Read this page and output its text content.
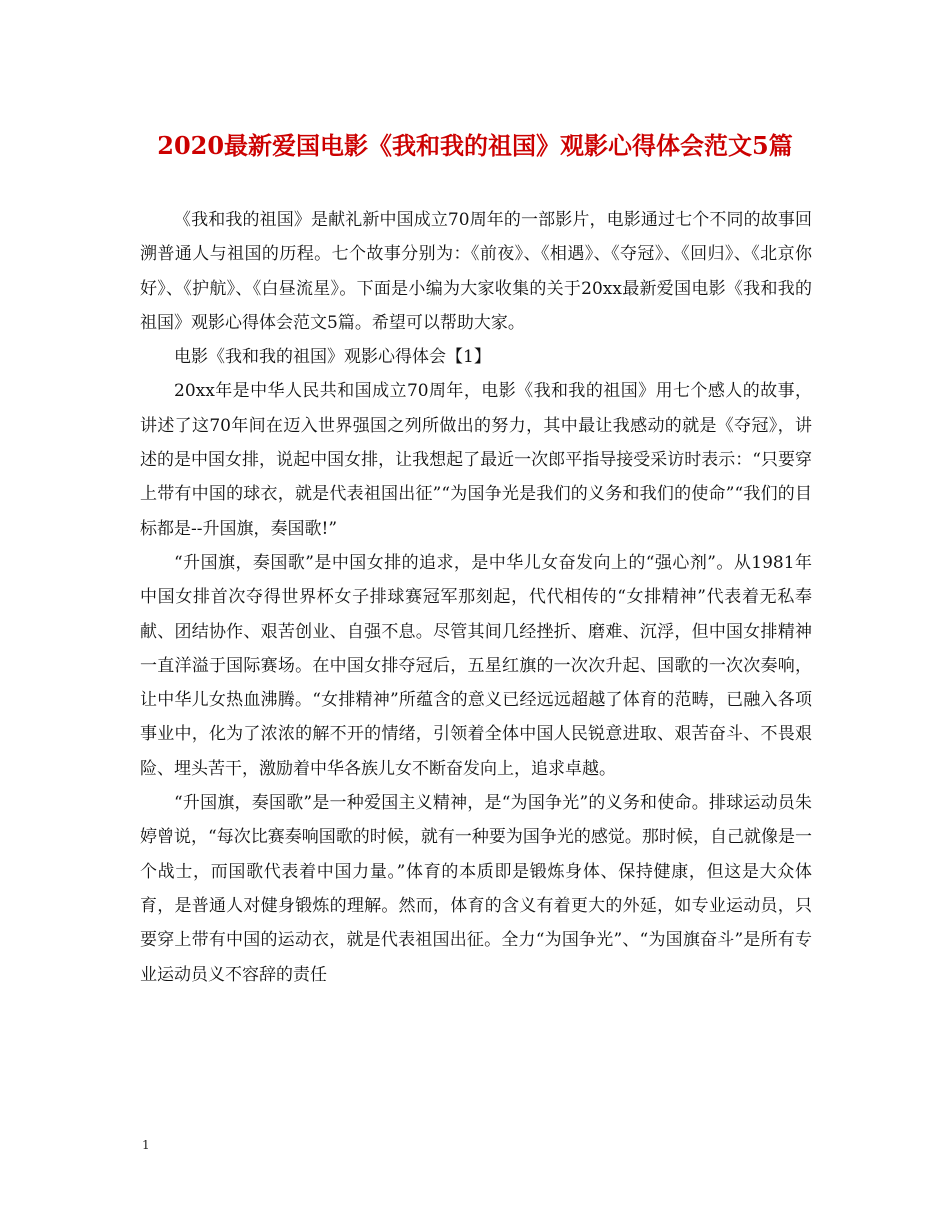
2020最新爱国电影《我和我的祖国》观影心得体会范文5篇

《我和我的祖国》是献礼新中国成立70周年的一部影片，电影通过七个不同的故事回溯普通人与祖国的历程。七个故事分别为：《前夜》、《相遇》、《夺冠》、《回归》、《北京你好》、《护航》、《白昼流星》。下面是小编为大家收集的关于20xx最新爱国电影《我和我的祖国》观影心得体会范文5篇。希望可以帮助大家。

电影《我和我的祖国》观影心得体会【1】

20xx年是中华人民共和国成立70周年，电影《我和我的祖国》用七个感人的故事，讲述了这70年间在迈入世界强国之列所做出的努力，其中最让我感动的就是《夺冠》，讲述的是中国女排，说起中国女排，让我想起了最近一次郎平指导接受采访时表示：“只要穿上带有中国的球衣，就是代表祖国出征”“为国争光是我们的义务和我们的使命”“我们的目标都是--升国旗，奏国歌!”

“升国旗，奏国歌”是中国女排的追求，是中华儿女奋发向上的“强心剂”。从1981年中国女排首次夺得世界杯女子排球赛冠军那刻起，代代相传的“女排精神”代表着无私奉献、团结协作、艰苦创业、自强不息。尽管其间几经挫折、磨难、沉浮，但中国女排精神一直洋溢于国际赛场。在中国女排夺冠后，五星红旗的一次次升起、国歌的一次次奏响，让中华儿女热血沸腾。“女排精神”所蕴含的意义已经远远超越了体育的范畴，已融入各项事业中，化为了浓浓的解不开的情绪，引领着全体中国人民锐意进取、艰苦奋斗、不畏艰险、埋头苦干，激励着中华各族儿女不断奋发向上，追求卓越。

“升国旗，奏国歌”是一种爱国主义精神，是“为国争光”的义务和使命。排球运动员朱婷曾说，“每次比赛奏响国歌的时候，就有一种要为国争光的感觉。那时候，自己就像是一个战士，而国歌代表着中国力量。”体育的本质即是锻炼身体、保持健康，但这是大众体育，是普通人对健身锻炼的理解。然而，体育的含义有着更大的外延，如专业运动员，只要穿上带有中国的运动衣，就是代表祖国出征。全力“为国争光”、“为国旗奋斗”是所有专业运动员义不容辞的责任

1
